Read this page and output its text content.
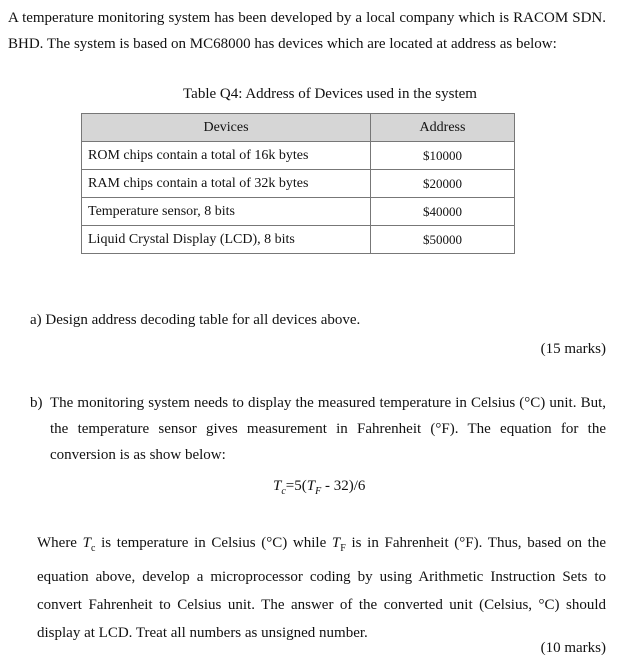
A temperature monitoring system has been developed by a local company which is RACOM SDN. BHD. The system is based on MC68000 has devices which are located at address as below:
Table Q4: Address of Devices used in the system
Devices	Address
ROM chips contain a total of 16k bytes	$10000
RAM chips contain a total of 32k bytes	$20000
Temperature sensor, 8 bits	$40000
Liquid Crystal Display (LCD), 8 bits	$50000
a) Design address decoding table for all devices above.
(15 marks)
b) The monitoring system needs to display the measured temperature in Celsius (°C) unit. But, the temperature sensor gives measurement in Fahrenheit (°F). The equation for the conversion is as show below:
$T_c=5(T_F - 32)/6$
Where $T_c$ is temperature in Celsius (°C) while $T_F$ is in Fahrenheit (°F). Thus, based on the equation above, develop a microprocessor coding by using Arithmetic Instruction Sets to convert Fahrenheit to Celsius unit. The answer of the converted unit (Celsius, °C) should display at LCD. Treat all numbers as unsigned number.
(10 marks)
